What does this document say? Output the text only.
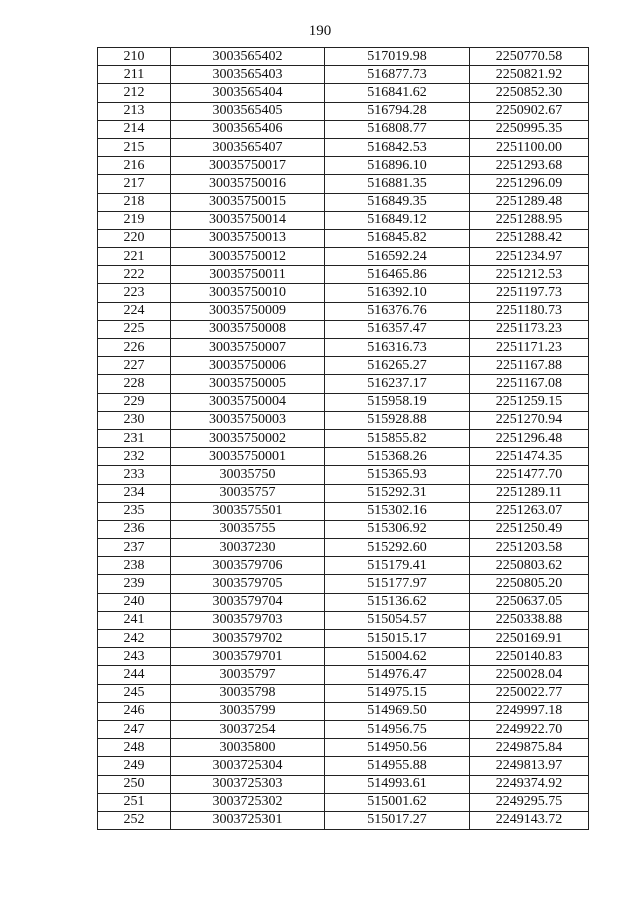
190
210	3003565402	517019.98	2250770.58
211	3003565403	516877.73	2250821.92
212	3003565404	516841.62	2250852.30
213	3003565405	516794.28	2250902.67
214	3003565406	516808.77	2250995.35
215	3003565407	516842.53	2251100.00
216	30035750017	516896.10	2251293.68
217	30035750016	516881.35	2251296.09
218	30035750015	516849.35	2251289.48
219	30035750014	516849.12	2251288.95
220	30035750013	516845.82	2251288.42
221	30035750012	516592.24	2251234.97
222	30035750011	516465.86	2251212.53
223	30035750010	516392.10	2251197.73
224	30035750009	516376.76	2251180.73
225	30035750008	516357.47	2251173.23
226	30035750007	516316.73	2251171.23
227	30035750006	516265.27	2251167.88
228	30035750005	516237.17	2251167.08
229	30035750004	515958.19	2251259.15
230	30035750003	515928.88	2251270.94
231	30035750002	515855.82	2251296.48
232	30035750001	515368.26	2251474.35
233	30035750	515365.93	2251477.70
234	30035757	515292.31	2251289.11
235	3003575501	515302.16	2251263.07
236	30035755	515306.92	2251250.49
237	30037230	515292.60	2251203.58
238	3003579706	515179.41	2250803.62
239	3003579705	515177.97	2250805.20
240	3003579704	515136.62	2250637.05
241	3003579703	515054.57	2250338.88
242	3003579702	515015.17	2250169.91
243	3003579701	515004.62	2250140.83
244	30035797	514976.47	2250028.04
245	30035798	514975.15	2250022.77
246	30035799	514969.50	2249997.18
247	30037254	514956.75	2249922.70
248	30035800	514950.56	2249875.84
249	3003725304	514955.88	2249813.97
250	3003725303	514993.61	2249374.92
251	3003725302	515001.62	2249295.75
252	3003725301	515017.27	2249143.72
